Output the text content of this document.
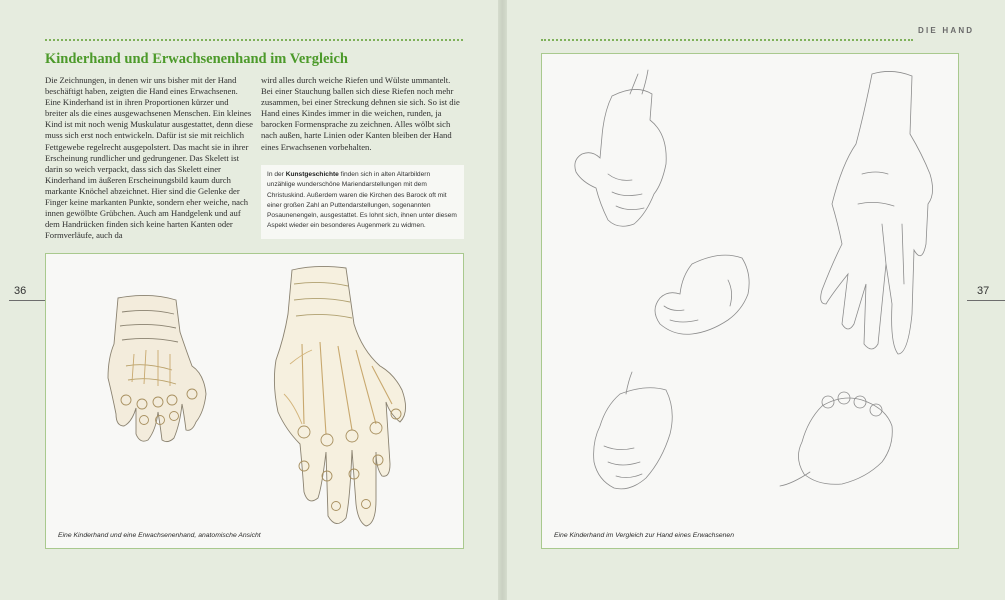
DIE HAND
Kinderhand und Erwachsenenhand im Vergleich

Die Zeichnungen, in denen wir uns bisher mit der Hand beschäftigt haben, zeigten die Hand eines Erwachsenen. Eine Kinderhand ist in ihren Proportionen kürzer und breiter als die eines ausgewachsenen Menschen. Ein kleines Kind ist mit noch wenig Muskulatur ausgestattet, denn diese muss sich erst noch entwickeln. Dafür ist sie mit reichlich Fettgewebe regelrecht ausgepolstert. Das macht sie in ihrer Erscheinung rundlicher und gedrungener. Das Skelett ist darin so weich verpackt, dass sich das Skelett einer Kinderhand im äußeren Erscheinungsbild kaum durch markante Knöchel abzeichnet. Hier sind die Gelenke der Finger keine markanten Punkte, sondern eher weiche, nach innen gewölbte Grübchen. Auch am Handgelenk und auf dem Handrücken finden sich keine harten Kanten oder Formverläufe, auch da

wird alles durch weiche Riefen und Wülste ummantelt. Bei einer Stauchung ballen sich diese Riefen noch mehr zusammen, bei einer Streckung dehnen sie sich. So ist die Hand eines Kindes immer in die weichen, runden, ja barocken Formensprache zu zeichnen. Alles wölbt sich nach außen, harte Linien oder Kanten bleiben der Hand eines Erwachsenen vorbehalten.

In der Kunstgeschichte finden sich in alten Altarbildern unzählige wunderschöne Mariendarstellungen mit dem Christuskind. Außerdem waren die Kirchen des Barock oft mit einer großen Zahl an Puttendarstellungen, sogenannten Posaunenengeln, ausgestattet. Es lohnt sich, ihnen unter diesem Aspekt wieder ein besonderes Augenmerk zu widmen.
36	37
Eine Kinderhand und eine Erwachsenenhand, anatomische Ansicht	Eine Kinderhand im Vergleich zur Hand eines Erwachsenen
